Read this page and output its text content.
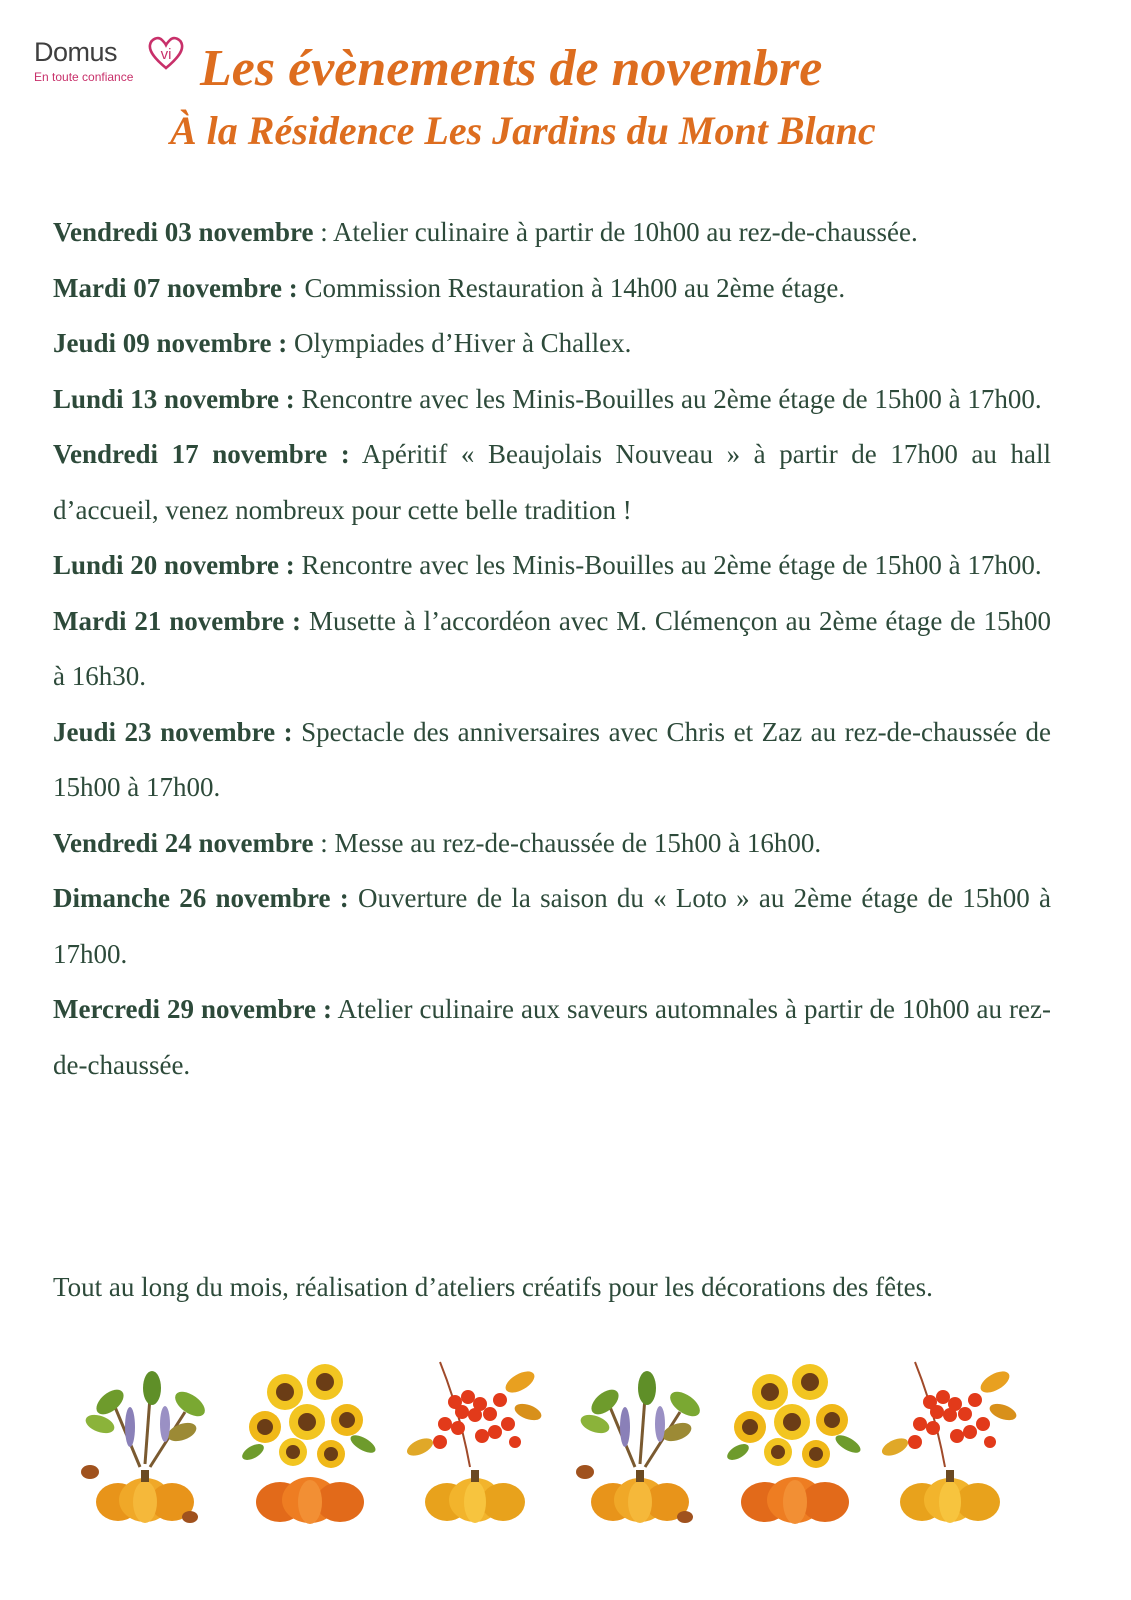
Domus	vi
En toute confiance Les évènements de novembre
À la Résidence Les Jardins du Mont Blanc
Vendredi 03 novembre : Atelier culinaire à partir de 10h00 au rez-de-chaussée.
Mardi 07 novembre : Commission Restauration à 14h00 au 2ème étage.
Jeudi 09 novembre : Olympiades d’Hiver à Challex.
Lundi 13 novembre : Rencontre avec les Minis-Bouilles au 2ème étage de 15h00 à 17h00.
Vendredi 17 novembre : Apéritif « Beaujolais Nouveau » à partir de 17h00 au hall d’accueil, venez nombreux pour cette belle tradition !
Lundi 20 novembre : Rencontre avec les Minis-Bouilles au 2ème étage de 15h00 à 17h00.
Mardi 21 novembre : Musette à l’accordéon avec M. Clémençon au 2ème étage de 15h00 à 16h30.
Jeudi 23 novembre : Spectacle des anniversaires avec Chris et Zaz au rez-de-chaussée de 15h00 à 17h00.
Vendredi 24 novembre : Messe au rez-de-chaussée de 15h00 à 16h00.
Dimanche 26 novembre : Ouverture de la saison du « Loto » au 2ème étage de 15h00 à 17h00.
Mercredi 29 novembre : Atelier culinaire aux saveurs automnales à partir de 10h00 au rez-de-chaussée.

Tout au long du mois, réalisation d’ateliers créatifs pour les décorations des fêtes.
